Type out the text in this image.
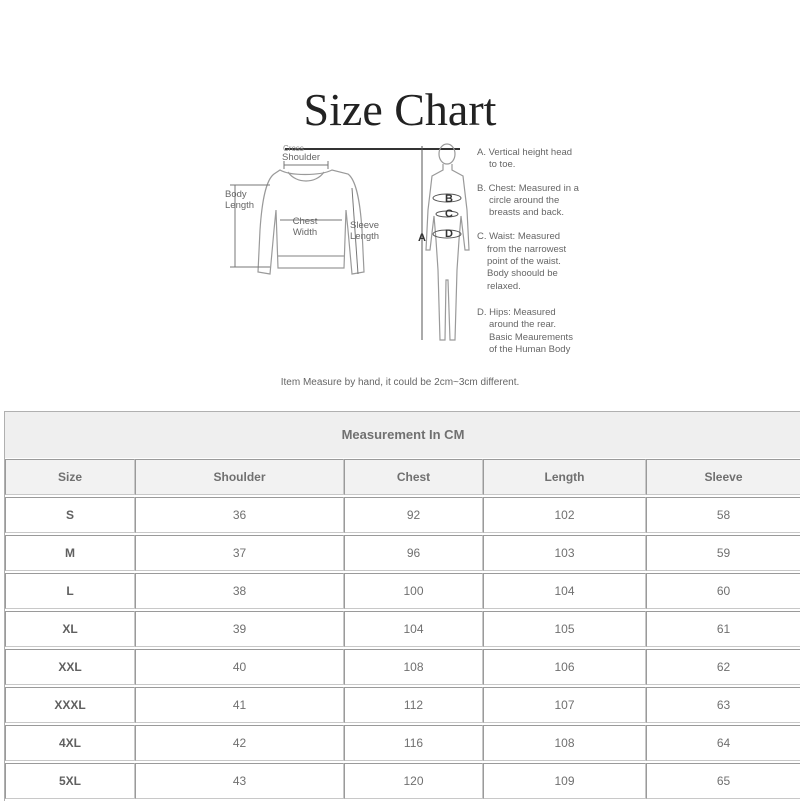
Size Chart
Cross
Shoulder
Body
Length
Chest
Width
Sleeve
Length	A
B
C
D
A. Vertical height head
to toe.
B. Chest: Measured in a
circle around the
breasts and back.
C. Waist: Measured
from the narrowest
point of the waist.
Body shoould be
relaxed.
D. Hips: Measured
around the rear.
Basic Meaurements
of the Human Body
Item Measure by hand, it could be 2cm~3cm different.
Measurement In CM
Size	Shoulder	Chest	Length	Sleeve
S	36	92	102	58
M	37	96	103	59
L	38	100	104	60
XL	39	104	105	61
XXL	40	108	106	62
XXXL	41	112	107	63
4XL	42	116	108	64
5XL	43	120	109	65
